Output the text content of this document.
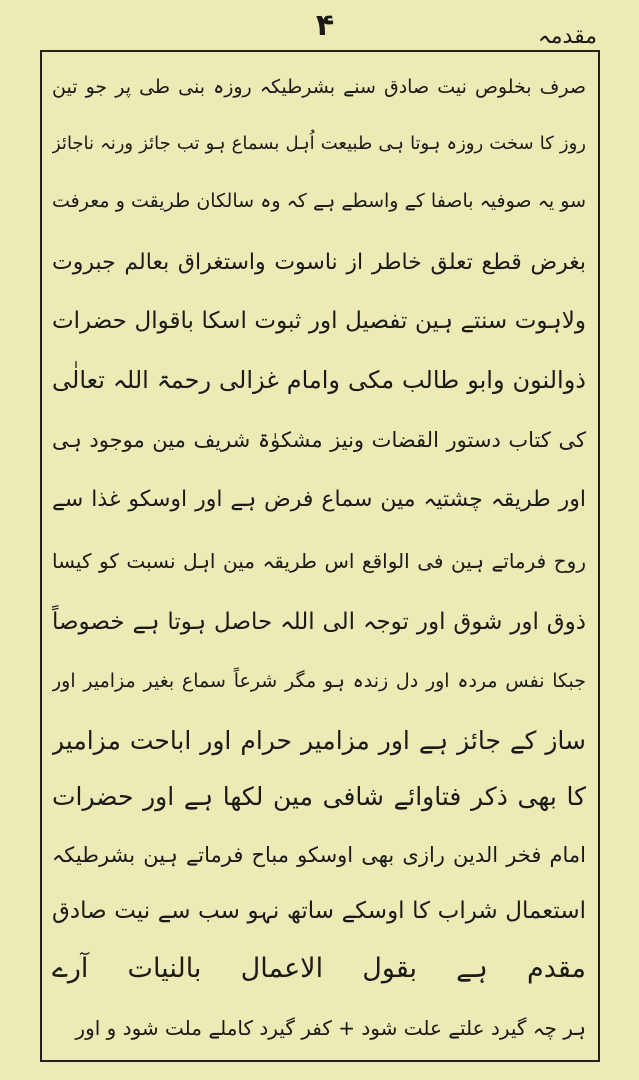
۴	مقدمہ
صرف بخلوص نیت صادق سنے بشرطیکہ روزہ بنی طی پر جو تین
روز کا سخت روزہ ہوتا ہی طبیعت اُہل بسماع ہو تب جائز ورنہ ناجائز
سو یہ صوفیہ باصفا کے واسطے ہے کہ وہ سالکان طریقت و معرفت
بغرض قطع تعلق خاطر از ناسوت واستغراق بعالم جبروت
ولاہوت سنتے ہین تفصیل اور ثبوت اسکا باقوال حضرات
ذوالنون وابو طالب مکی وامام غزالی رحمۃ اللہ تعالٰی
کی کتاب دستور القضات ونیز مشکوٰۃ شریف مین موجود ہی
اور طریقہ چشتیہ مین سماع فرض ہے اور اوسکو غذا سے
روح فرماتے ہین فی الواقع اس طریقہ مین اہل نسبت کو کیسا
ذوق اور شوق اور توجہ الی اللہ حاصل ہوتا ہے خصوصاً
جبکا نفس مردہ اور دل زندہ ہو مگر شرعاً سماع بغیر مزامیر اور
ساز کے جائز ہے اور مزامیر حرام اور اباحت مزامیر
کا بھی ذکر فتاوائے شافی مین لکھا ہے اور حضرات
امام فخر الدین رازی بھی اوسکو مباح فرماتے ہین بشرطیکہ
استعمال شراب کا اوسکے ساتھ نہو سب سے نیت صادق
مقدم ہے بقول الاعمال بالنیات آرے
ہر چہ گیرد علتے علت شود + کفر گیرد کاملے ملت شود و اور
